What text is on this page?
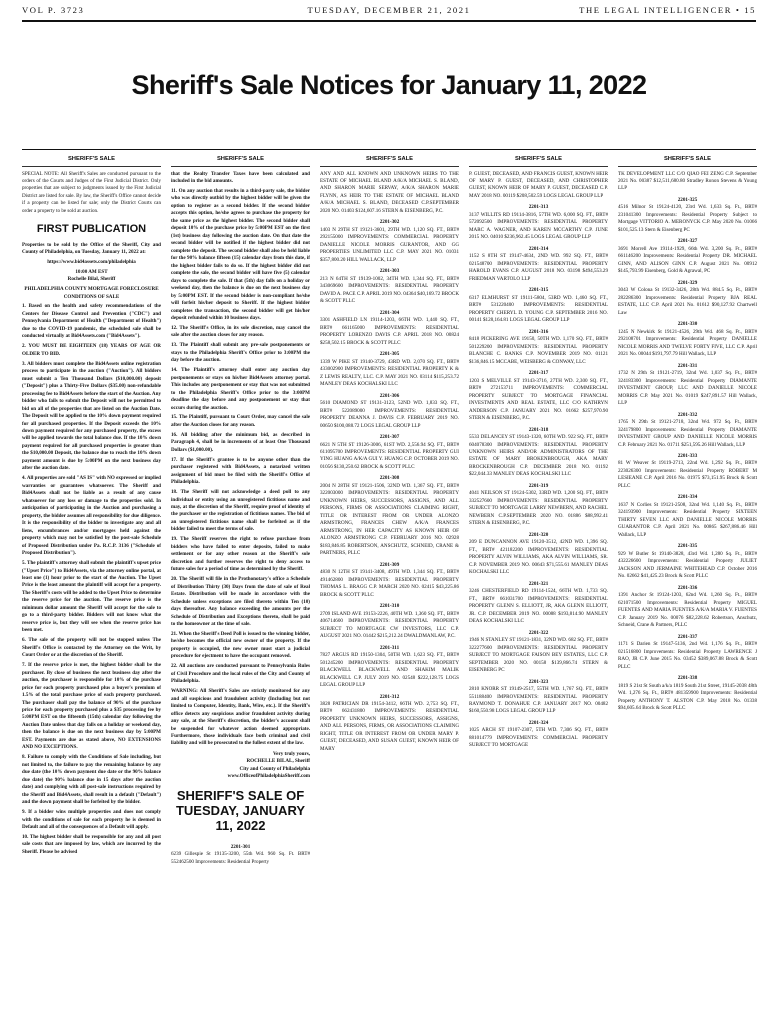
VOL P. 3723	TUESDAY, DECEMBER 21, 2021	THE LEGAL INTELLIGENCER • 15
Sheriff's Sale Notices for January 11, 2022
SHERIFF'S SALE
SPECIAL NOTE: All Sheriff's Sales are conducted pursuant to the orders of the Courts and Judges of the First Judicial District. Only properties that are subject to judgments issued by the First Judicial District are listed for sale. By law, the Sheriff's Office cannot decide if a property can be listed for sale; only the District Courts can order a property to be sold at auction.
FIRST PUBLICATION
Properties to be sold by the Office of the Sheriff, City and County of Philadelphia, on Tuesday, January 11, 2022 at:
https://www.bid4assets.com/philadelphia
10:00 AM EST
Rochelle Bilal, Sheriff
PHILADELPHIA COUNTY MORTGAGE FORECLOSURE CONDITIONS OF SALE
1. Based on the health and safety recommendations of the Centers for Disease Control and Prevention ("CDC") and Pennsylvania Department of Health ("Department of Health") due to the COVID-19 pandemic, the scheduled sale shall be conducted virtually at Bid4Assets.com ("Bid4Assets").
2. YOU MUST BE EIGHTEEN (18) YEARS OF AGE OR OLDER TO BID.
3. All bidders must complete the Bid4Assets online registration process to participate in the auction ("Auction"). All bidders must submit a Ten Thousand Dollars ($10,000.00) deposit ("Deposit") plus a Thirty-Five Dollars ($35.00) non-refundable processing fee to Bid4Assets before the start of the Auction. Any bidder who fails to submit the Deposit will not be permitted to bid on all of the properties that are listed on the Auction Date. The Deposit will be applied to the 10% down payment required for all purchased properties. If the Deposit exceeds the 10% down payment required for any purchased property, the excess will be applied towards the total balance due. If the 10% down payment required for all purchased properties is greater than the $10,000.00 Deposit, the balance due to reach the 10% down payment amount is due by 5:00PM on the next business day after the auction date.
4. All properties are sold "AS IS" with NO expressed or implied warranties or guarantees whatsoever. The Sheriff and Bid4Assets shall not be liable as a result of any cause whatsoever for any loss or damage to the properties sold. In anticipation of participating in the Auction and purchasing a property, the bidder assumes all responsibility for due diligence. It is the responsibility of the bidder to investigate any and all liens, encumbrances and/or mortgages held against the property which may not be satisfied by the post-sale Schedule of Proposed Distribution under Pa. R.C.P. 3136 ("Schedule of Proposed Distribution").
5. The plaintiff's attorney shall submit the plaintiff's upset price ("Upset Price") to Bid4Assets, via the attorney online portal, at least one (1) hour prior to the start of the Auction. The Upset Price is the least amount the plaintiff will accept for a property. The Sheriff's costs will be added to the Upset Price to determine the reserve price for the auction. The reserve price is the minimum dollar amount the Sheriff will accept for the sale to go to a third-party bidder. Bidders will not know what the reserve price is, but they will see when the reserve price has been met.
6. The sale of the property will not be stopped unless The Sheriff's Office is contacted by the Attorney on the Writ, by Court Order or at the discretion of the Sheriff.
7. If the reserve price is met, the highest bidder shall be the purchaser. By close of business the next business day after the auction, the purchaser is responsible for 10% of the purchase price for each property purchased plus a buyer's premium of 1.5% of the total purchase price of each property purchased. The purchaser shall pay the balance of 90% of the purchase price for each property purchased plus a $35 processing fee by 5:00PM EST on the fifteenth (15th) calendar day following the Auction Date unless that day falls on a holiday or weekend day, then the balance is due on the next business day by 5:00PM EST. Payments are due as stated above, NO EXTENSIONS AND NO EXCEPTIONS.
8. Failure to comply with the Conditions of Sale including, but not limited to, the failure to pay the remaining balance by any due date (the 10% down payment due date or the 90% balance due date) the 90% balance due in 15 days after the auction date) and complying with all post-sale instructions required by the Sheriff and Bid4Assets, shall result in a default ("Default") and the down payment shall be forfeited by the bidder.
9. If a bidder wins multiple properties and does not comply with the conditions of sale for each property he is deemed in Default and all of the consequences of a Default will apply.
10. The highest bidder shall be responsible for any and all post sale costs that are imposed by law, which are incurred by the Sheriff. Please be advised
SHERIFF'S SALE
that the Realty Transfer Taxes have been calculated and included in the bid amounts.
11. On any auction that results in a third-party sale, the bidder who was directly outbid by the highest bidder will be given the option to register as a second bidder. If the second bidder accepts this option, he/she agrees to purchase the property for the same price as the highest bidder. The second bidder shall deposit 10% of the purchase price by 5:00PM EST on the first (1st) business day following the auction date. On that date the second bidder will be notified if the highest bidder did not complete the deposit. The second bidder shall also be held liable for the 90% balance fifteen (15) calendar days from this date, if the highest bidder fails to do so. If the highest bidder did not complete the sale, the second bidder will have five (5) calendar days to complete the sale. If that (5th) day falls on a holiday or weekend day, then the balance is due on the next business day by 5:00PM EST. If the second bidder is non-compliant he/she will forfeit his/her deposit to Sheriff. If the highest bidder completes the transaction, the second bidder will get his/her deposit refunded within 10 business days.
12. The Sheriff's Office, in its sole discretion, may cancel the sale after the auction closes for any reason.
13. The Plaintiff shall submit any pre-sale postponements or stays to the Philadelphia Sheriff's Office prior to 3:00PM the day before the auction.
14. The Plaintiff's attorney shall enter any auction day postponements or stays on his/her Bid4Assets attorney portal. This includes any postponement or stay that was not submitted to the Philadelphia Sheriff's Office prior to the 3:00PM deadline the day before and any postponement or stay that occurs during the auction.
15. The Plaintiff, pursuant to Court Order, may cancel the sale after the Auction closes for any reason.
16. All bidding after the minimum bid, as described in Paragraph 4, shall be in increments of at least One Thousand Dollars ($1,000.00).
17. If the Sheriff's grantee is to be anyone other than the purchaser registered with Bid4Assets, a notarized written assignment of bid must be filed with the Sheriff's Office of Philadelphia.
18. The Sheriff will not acknowledge a deed poll to any individual or entity using an unregistered fictitious name and may, at the discretion of the Sheriff, require proof of identity of the purchaser or the registration of fictitious names. The bid of an unregistered fictitious name shall be forfeited as if the bidder failed to meet the terms of sale.
19. The Sheriff reserves the right to refuse purchase from bidders who have failed to enter deposits, failed to make settlement or for any other reason at the Sheriff's sole discretion and further reserves the right to deny access to future sales for a period of time as determined by the Sheriff.
20. The Sheriff will file in the Prothonotary's office a Schedule of Distribution Thirty (30) Days from the date of sale of Real Estate. Distribution will be made in accordance with the Schedule unless exceptions are filed thereto within Ten (10) days thereafter. Any balance exceeding the amounts per the Schedule of Distribution and Exceptions thereto, shall be paid to the homeowner at the time of sale.
21. When the Sheriff's Deed Poll is issued to the winning bidder, he/she becomes the official new owner of the property. If the property is occupied, the new owner must start a judicial procedure for ejectment to have the occupant removed.
22. All auctions are conducted pursuant to Pennsylvania Rules of Civil Procedure and the local rules of the City and County of Philadelphia.
WARNING: All Sheriff's Sales are strictly monitored for any and all suspicious and fraudulent activity (Including but not limited to Computer, Identity, Bank, Wire, etc.). If the Sheriff's office detects any suspicious and/or fraudulent activity during any sale, at the Sheriff's discretion, the bidder's account shall be suspended for whatever action deemed appropriate. Furthermore, those individuals face both criminal and civil liability and will be prosecuted to the fullest extent of the law.
Very truly yours,
ROCHELLE BILAL, Sheriff
City and County of Philadelphia
www.OfficeofPhiladelphiaSheriff.com
SHERIFF'S SALE OF TUESDAY, JANUARY 11, 2022
2201-301
6239 Gillespie St 19135-3200, 55th Wd. 960 Sq. Ft. BRT# 552462500 Improvements: Residential Property
SHERIFF'S SALE
ANY AND ALL KNOWN AND UNKNOWN HEIRS TO THE ESTATE OF MICHAEL BLAND A/K/A MICHAEL S. BLAND, AND SHARON MARIE SERVAY, A/K/A SHARON MARIE FLYNN, AS HEIR TO THE ESTATE OF MICHAEL BLAND A/K/A MICHAEL S. BLAND, DECEASED C.P.SEPTEMBER 2020 NO. 01403 $124,607.16 STERN & EISENBERG, P.C.
2201-302
1403 N 29TH ST 19121-3601, 29TH WD. 1,120 SQ. FT., BRT# 292155000 IMPROVEMENTS: COMMERCIAL PROPERTY DANIELLE NICOLE MORRIS GURANTOR, AND GG PROPERTIES UNLIMITED LLC C.P. MAY 2021 NO. 01031 $357,800.20 HILL WALLACK, LLP
2201-303
213 N 64TH ST 19139-1002, 34TH WD. 1,344 SQ. FT., BRT# 343069600 IMPROVEMENTS: RESIDENTIAL PROPERTY DAVID A. PACE C.P. APRIL 2019 NO. 04364 $40,169.72 BROCK & SCOTT PLLC
2201-304
3301 ASHFIELD LN 19114-1203, 66TH WD. 1,440 SQ. FT., BRT# 661165000 IMPROVEMENTS: RESIDENTIAL PROPERTY LORENZO DAVIS C.P. APRIL 2018 NO. 00824 $258,502.15 BROCK & SCOTT PLLC
2201-305
1339 W PIKE ST 19140-3729, 43RD WD. 2,070 SQ. FT., BRT# 433002900 IMPROVEMENTS: RESIDENTIAL PROPERTY K & Z LEWIS REALTY, LLC. C.P. MAY 2021 NO. 03114 $115,253.72 MANLEY DEAS KOCHALSKI LLC
2201-306
5610 DIAMOND ST 19131-3123, 52ND WD. 1,833 SQ. FT., BRT# 522089000 IMPROVEMENTS: RESIDENTIAL PROPERTY DEANNA J. DAVIS C.P. FEBRUARY 2019 NO. 00650 $100,088.72 LOGS LEGAL GROUP LLP
2201-307
6621 N 5TH ST 19126-3006, 61ST WD. 2,556.94 SQ. FT., BRT# 611095700 IMPROVEMENTS: RESIDENTIAL PROPERTY GUI YING HUANG A/K/A GUI Y. HUANG C.P. OCTOBER 2019 NO. 01056 $130,250.62 BROCK & SCOTT PLLC
2201-308
2004 N 28TH ST 19121-1506, 32ND WD. 1,367 SQ. FT., BRT# 322003000 IMPROVEMENTS: RESIDENTIAL PROPERTY UNKNOWN HEIRS, SUCCESSORS, ASSIGNS, AND ALL PERSONS, FIRMS OR ASSOCIATIONS CLAIMING RIGHT, TITLE OR INTEREST FROM OR UNDER ALONZO ARMSTRONG, FRANCES CHEW A/K/A FRANCES ARMSTRONG, IN HER CAPACITY AS KNOWN HEIR OF ALONZO ARMSTRONG C.P. FEBRUARY 2016 NO. 02928 $183,846.85 ROBERTSON, ANSCHUTZ, SCHNEID, CRANE & PARTNERS, PLLC
2201-309
4830 N 12TH ST 19141-3408, 49TH WD. 1,344 SQ. FT., BRT# 491462800 IMPROVEMENTS: RESIDENTIAL PROPERTY THOMAS L. BRAGG C.P. MARCH 2020 NO. 02415 $43,225.86 BROCK & SCOTT PLLC
2201-310
2709 ISLAND AVE 19153-2226, 40TH WD. 1,360 SQ. FT., BRT# 406714600 IMPROVEMENTS: RESIDENTIAL PROPERTY SUBJECT TO MORTGAGE CW INVESTORS, LLC C.P. AUGUST 2021 NO. 01442 $215,212.24 DWALDMANLAW, P.C.
2201-311
7827 ARGUS RD 19150-1304, 50TH WD. 1,623 SQ. FT., BRT# 501245200 IMPROVEMENTS: RESIDENTIAL PROPERTY BLACKWELL BLACKWELL AND SHAKIM MALIK BLACKWELL C.P. JULY 2019 NO. 02548 $222,128.75 LOGS LEGAL GROUP LLP
2201-312
3828 PATRICIAN DR 19154-3412, 66TH WD. 2,753 SQ. FT., BRT# 662431800 IMPROVEMENTS: RESIDENTIAL PROPERTY UNKNOWN HEIRS, SUCCESSORS, ASSIGNS, AND ALL PERSONS, FIRMS, OR ASSOCIATIONS CLAIMING RIGHT, TITLE OR INTEREST FROM OR UNDER MARY P. GUEST, DECEASED, AND SUSAN GUEST, KNOWN HEIR OF MARY
SHERIFF'S SALE
P. GUEST, DECEASED, AND FRANCIS GUEST, KNOWN HEIR OF MARY P. GUEST, DECEASED, AND CHRISTOPHER GUEST, KNOWN HEIR OF MARY P. GUEST, DECEASED C.P. MAY 2018 NO. 00119 $208,502.59 LOGS LEGAL GROUP LLP
2201-313
3137 WILLITS RD 19114-3816, 57TH WD. 6,000 SQ. FT., BRT# 572092500 IMPROVEMENTS: RESIDENTIAL PROPERTY MARC A. WAGNER, AND KAREN MCCARTHY C.P. JUNE 2015 NO. 04010 $236,962.45 LOGS LEGAL GROUP LLP
2201-314
1152 S 8TH ST 19147-4634, 2ND WD. 992 SQ. FT., BRT# 021548700 IMPROVEMENTS: RESIDENTIAL PROPERTY HAROLD EVANS C.P. AUGUST 2018 NO. 03198 $494,553.29 FRIEDMAN VARTOLO LLP
2201-315
6317 ELMHURST ST 19111-5804, 53RD WD. 1,460 SQ. FT., BRT# 531220400 IMPROVEMENTS: RESIDENTIAL PROPERTY CHERYL D. YOUNG C.P. SEPTEMBER 2016 NO. 00141 $128,164.81 LOGS LEGAL GROUP LLP
2201-316
8418 PICKERING AVE 19150, 50TH WD. 1,170 SQ. FT., BRT# 501229200 IMPROVEMENTS: RESIDENTIAL PROPERTY BLANCHE C. BANKS C.P. NOVEMBER 2019 NO. 01121 $136,846.15 MCCABE, WEISBERG & CONWAY, LLC
2201-317
1203 S MELVILLE ST 19143-3716, 27TH WD. 2,300 SQ. FT., BRT# 272153711 IMPROVEMENTS: COMMERCIAL PROPERTY SUBJECT TO MORTGAGE FINANCIAL INVESTMENTS AND REAL ESTATE, LLC C/O KATHRYN ANDERSON C.P. JANUARY 2021 NO. 01662 $257,970.90 STERN & EISENBERG, P.C.
2201-318
5533 DELANCEY ST 19143-1320, 60TH WD. 922 SQ. FT., BRT# 604078300 IMPROVEMENTS: RESIDENTIAL PROPERTY UNKNOWN HEIRS AND/OR ADMINISTRATORS OF THE ESTATE OF MARY BROKENBROUGH, AKA MARY BROCKENBROUGH C.P. DECEMBER 2018 NO. 01192 $22,044.33 MANLEY DEAS KOCHALSKI LLC
2201-319
4041 NEILSON ST 19124-5302, 33RD WD. 1,200 SQ. FT., BRT# 332527600 IMPROVEMENTS: RESIDENTIAL PROPERTY SUBJECT TO MORTGAGE LARRY NEWBERN, AND RACHEL NEWBERN C.P.SEPTEMBER 2020 NO. 01886 $88,992.41 STERN & EISENBERG, P.C.
2201-320
209 E DUNCANNON AVE 19120-3512, 42ND WD. 1,396 SQ. FT., BRT# 421182200 IMPROVEMENTS: RESIDENTIAL PROPERTY ALVIN WILLIAMS, AKA ALVIN WILLIAMS, SR. C.P. NOVEMBER 2019 NO. 00643 $71,555.61 MANLEY DEAS KOCHALSKI LLC
2201-321
3246 CHESTERFIELD RD 19114-1524, 66TH WD. 1,733 SQ. FT., BRT# 661031700 IMPROVEMENTS: RESIDENTIAL PROPERTY GLENN S. ELLIOTT, JR, AKA GLENN ELLIOTT, JR. C.P. DECEMBER 2019 NO. 00088 $193,814.90 MANLEY DEAS KOCHALSKI LLC
2201-322
1946 N STANLEY ST 19121-1831, 32ND WD. 682 SQ. FT., BRT# 322277600 IMPROVEMENTS: RESIDENTIAL PROPERTY SUBJECT TO MORTGAGE FAISON BEY ESTATES, LLC C.P. SEPTEMBER 2020 NO. 00158 $139,866.74 STERN & EISENBERG PC
2201-323
2810 KNORR ST 19149-2517, 55TH WD. 1,767 SQ. FT., BRT# 551188400 IMPROVEMENTS: RESIDENTIAL PROPERTY RAYMOND T. DONAHUE C.P. JANUARY 2017 NO. 00482 $160,550.98 LOGS LEGAL GROUP LLP
2201-324
1025 ARCH ST 19107-2307, 5TH WD. 7,306 SQ. FT., BRT# 881014779 IMPROVEMENTS: COMMERCIAL PROPERTY SUBJECT TO MORTGAGE
SHERIFF'S SALE
TK DEVELOPMENT LLC C/O QIAO FEI ZENG C.P. September 2021 No. 00387 $12,511,680.80 Stradley Ronon Stevens & Young LLP
2201-325
4516 Milnor St 19124-4120, 23rd Wd. 1,633 Sq. Ft., BRT# 231041300 Improvements: Residential Property Subject to Mortgage VITTORIO A. MERONYCK C.P. May 2020 No. 01066 $101,525.13 Stern & Eisenberg PC
2201-327
3691 Morrell Ave 19114-1929, 66th Wd. 3,200 Sq. Ft., BRT# 661146200 Improvements: Residential Property DR. MICHAEL GINN, AND ALISON GINN C.P. August 2021 No. 00912 $145,793.99 Eisenberg, Gold & Agrawal, PC
2201-329
3043 W Colona St 19132-3426, 28th Wd. 884.5 Sq. Ft., BRT# 282286300 Improvements: Residential Property BJA REAL ESTATE, LLC C.P. April 2021 No. 01612 $90,127.92 Chartwell Law
2201-330
1245 N Newkirk St 19121-4526, 29th Wd. 468 Sq. Ft., BRT# 292108701 Improvements: Residential Property DANIELLE NICOLE MORRIS AND TWELVE FORTY FIVE, LLC C.P. April 2021 No. 00044 $191,797.79 Hill Wallack, LLP
2201-331
1732 N 29th St 19121-2719, 32nd Wd. 1,037 Sq. Ft., BRT# 324183300 Improvements: Residential Property DIAMANTE INVESTMENT GROUP, LLC AND DANIELLE NICOLE MORRIS C.P. May 2021 No. 01019 $247,891.57 Hill Wallack, LLP
2201-332
1765 N 29th St 19121-2718, 32nd Wd. 972 Sq. Ft., BRT# 324179800 Improvements: Residential Property DIAMANTE INVESTMENT GROUP AND DANIELLE NICOLE MORRIS C.P. February 2021 No. 01711 $251,595.26 Hill Wallack, LLP
2201-333
81 W Weaver St 19119-2713, 22nd Wd. 1,292 Sq. Ft., BRT# 223026300 Improvements: Residential Property ROBERT M LESIEANE C.P. April 2016 No. 01975 $73,151.95 Brock & Scott PLLC
2201-334
1637 N Corlies St 19121-2508, 32nd Wd. 1,140 Sq. Ft., BRT# 324193900 Improvements: Residential Property SIXTEEN THIRTY SEVEN LLC AND DANIELLE NICOLE MORRIS GUARANTOR C.P. April 2021 No. 00865 $267,886.46 Hill Wallack, LLP
2201-335
929 W Butler St 19140-3828, 43rd Wd. 1,280 Sq. Ft., BRT# 432226600 Improvements: Residential Property JULIET JACKSON AND JERMAINE WHITEHEAD C.P. October 2016 No. 02662 $41,425.23 Brock & Scott PLLC
2201-336
1391 Anchor St 19124-1203, 62nd Wd. 1,260 Sq. Ft., BRT# 621071500 Improvements: Residential Property MIGUEL FUENTES AND MARIA FUENTES A/K/A MARIA V. FUENTES C.P. January 2019 No. 00076 $82,228.62 Robertson, Anschutz, Schneid, Crane & Partners, PLLC
2201-337
1171 S Darien St 19147-5136, 2nd Wd. 1,176 Sq. Ft., BRT# 021516800 Improvements: Residential Property LAWRENCE J RAO, JR C.P. June 2015 No. 03452 $389,067.88 Brock & Scott PLLC
2201-338
1819 S 21st St South a/k/a 1819 South 21st Street, 19145-2038 48th Wd. 1,276 Sq. Ft., BRT# 481359900 Improvements: Residential Property ANTHONY T. ALSTON C.P. May 2018 No. 01338 $94,605.64 Brock & Scott PLLC
